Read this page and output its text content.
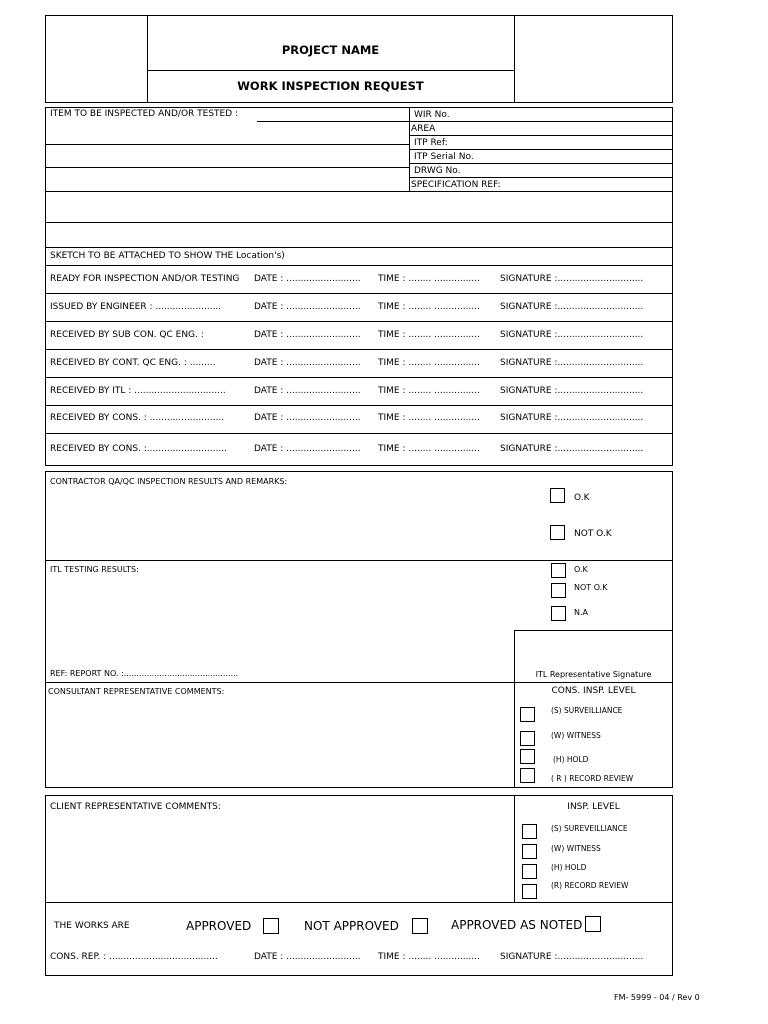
PROJECT NAME
WORK INSPECTION REQUEST
ITEM TO BE INSPECTED AND/OR TESTED :	WIR No.
AREA
ITP Ref:
ITP Serial No.
DRWG No.
SPECIFICATION REF:
SKETCH TO BE ATTACHED TO SHOW THE Location's)
READY FOR INSPECTION AND/OR TESTING	DATE : .......................... TIME : ........ ................ SIGNATURE :..............................
ISSUED BY ENGINEER : .......................	DATE : .......................... TIME : ........ ................ SIGNATURE :..............................
RECEIVED BY SUB CON. QC ENG. :	DATE : .......................... TIME : ........ ................ SIGNATURE :..............................
RECEIVED BY CONT. QC ENG. : .........	DATE : .......................... TIME : ........ ................ SIGNATURE :..............................
RECEIVED BY ITL : ................................	DATE : .......................... TIME : ........ ................ SIGNATURE :..............................
RECEIVED BY CONS. : ..........................	DATE : .......................... TIME : ........ ................ SIGNATURE :..............................
RECEIVED BY CONS. :............................	DATE : .......................... TIME : ........ ................ SIGNATURE :..............................
CONTRACTOR QA/QC INSPECTION RESULTS AND REMARKS:
O.K
NOT O.K
ITL TESTING RESULTS:	O.K
NOT O.K
N.A
REF: REPORT NO. :.............................................	ITL Representative Signature
CONSULTANT REPRESENTATIVE COMMENTS:	CONS. INSP. LEVEL
(S) SURVEILLIANCE
(W) WITNESS
(H) HOLD
( R ) RECORD REVIEW
CLIENT REPRESENTATIVE COMMENTS:	INSP. LEVEL
(S) SUREVEILLIANCE
(W) WITNESS
(H) HOLD
(R) RECORD REVIEW
THE WORKS ARE	APPROVED	NOT APPROVED	APPROVED AS NOTED
CONS. REP. : ......................................	DATE : .......................... TIME : ........ ................ SIGNATURE :..............................
FM- 5999 - 04 / Rev 0
